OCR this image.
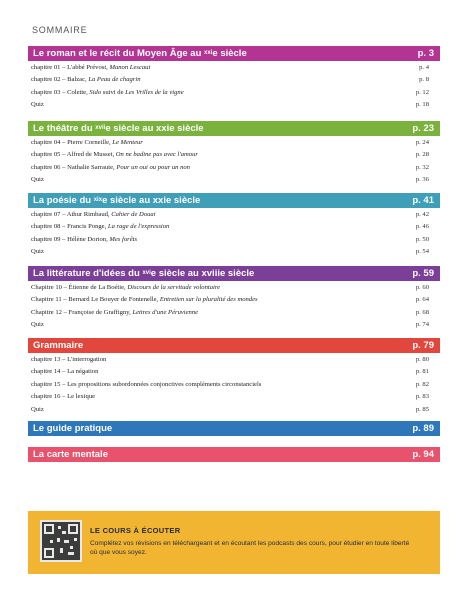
SOMMAIRE
Le roman et le récit du Moyen Âge au $^{xxi}$e siècle	p. 3
chapitre 01 – L'abbé Prévost, Manon Lescaut	p. 4
chapitre 02 – Balzac, La Peau de chagrin	p. 8
chapitre 03 – Colette, Sido suivi de Les Vrilles de la vigne	p. 12
Quiz	p. 18
Le théâtre du $^{xvii}$e siècle au xxie siècle	p. 23
chapitre 04 – Pierre Corneille, Le Menteur	p. 24
chapitre 05 – Alfred de Musset, On ne badine pas avec l'amour	p. 28
chapitre 06 – Nathalie Sarraute, Pour un oui ou pour un non	p. 32
Quiz	p. 36
La poésie du $^{xix}$e siècle au xxie siècle	p. 41
chapitre 07 – Athur Rimbaud, Cahier de Douai	p. 42
chapitre 08 – Francis Ponge, La rage de l'expression	p. 46
chapitre 09 – Hélène Dorion, Mes forêts	p. 50
Quiz	p. 54
La littérature d'idées du $^{xvi}$e siècle au xviiie siècle	p. 59
Chapitre 10 – Étienne de La Boétie, Discours de la servitude volontaire	p. 60
Chapitre 11 – Bernard Le Bouyer de Fontenelle, Entretien sur la pluralité des mondes	p. 64
Chapitre 12 – Françoise de Graffigny, Lettres d'une Péruvienne	p. 68
Quiz	p. 74
Grammaire	p. 79
chapitre 13 – L'interrogation	p. 80
chapitre 14 – La négation	p. 81
chapitre 15 – Les propositions subordonnées conjonctives compléments circonstanciels	p. 82
chapitre 16 – Le lexique	p. 83
Quiz	p. 85
Le guide pratique	p. 89
La carte mentale	p. 94
LE COURS À ÉCOUTER
Complétez vos révisions en téléchargeant et en écoutant les podcasts des cours, pour étudier en toute liberté où que vous soyez.
